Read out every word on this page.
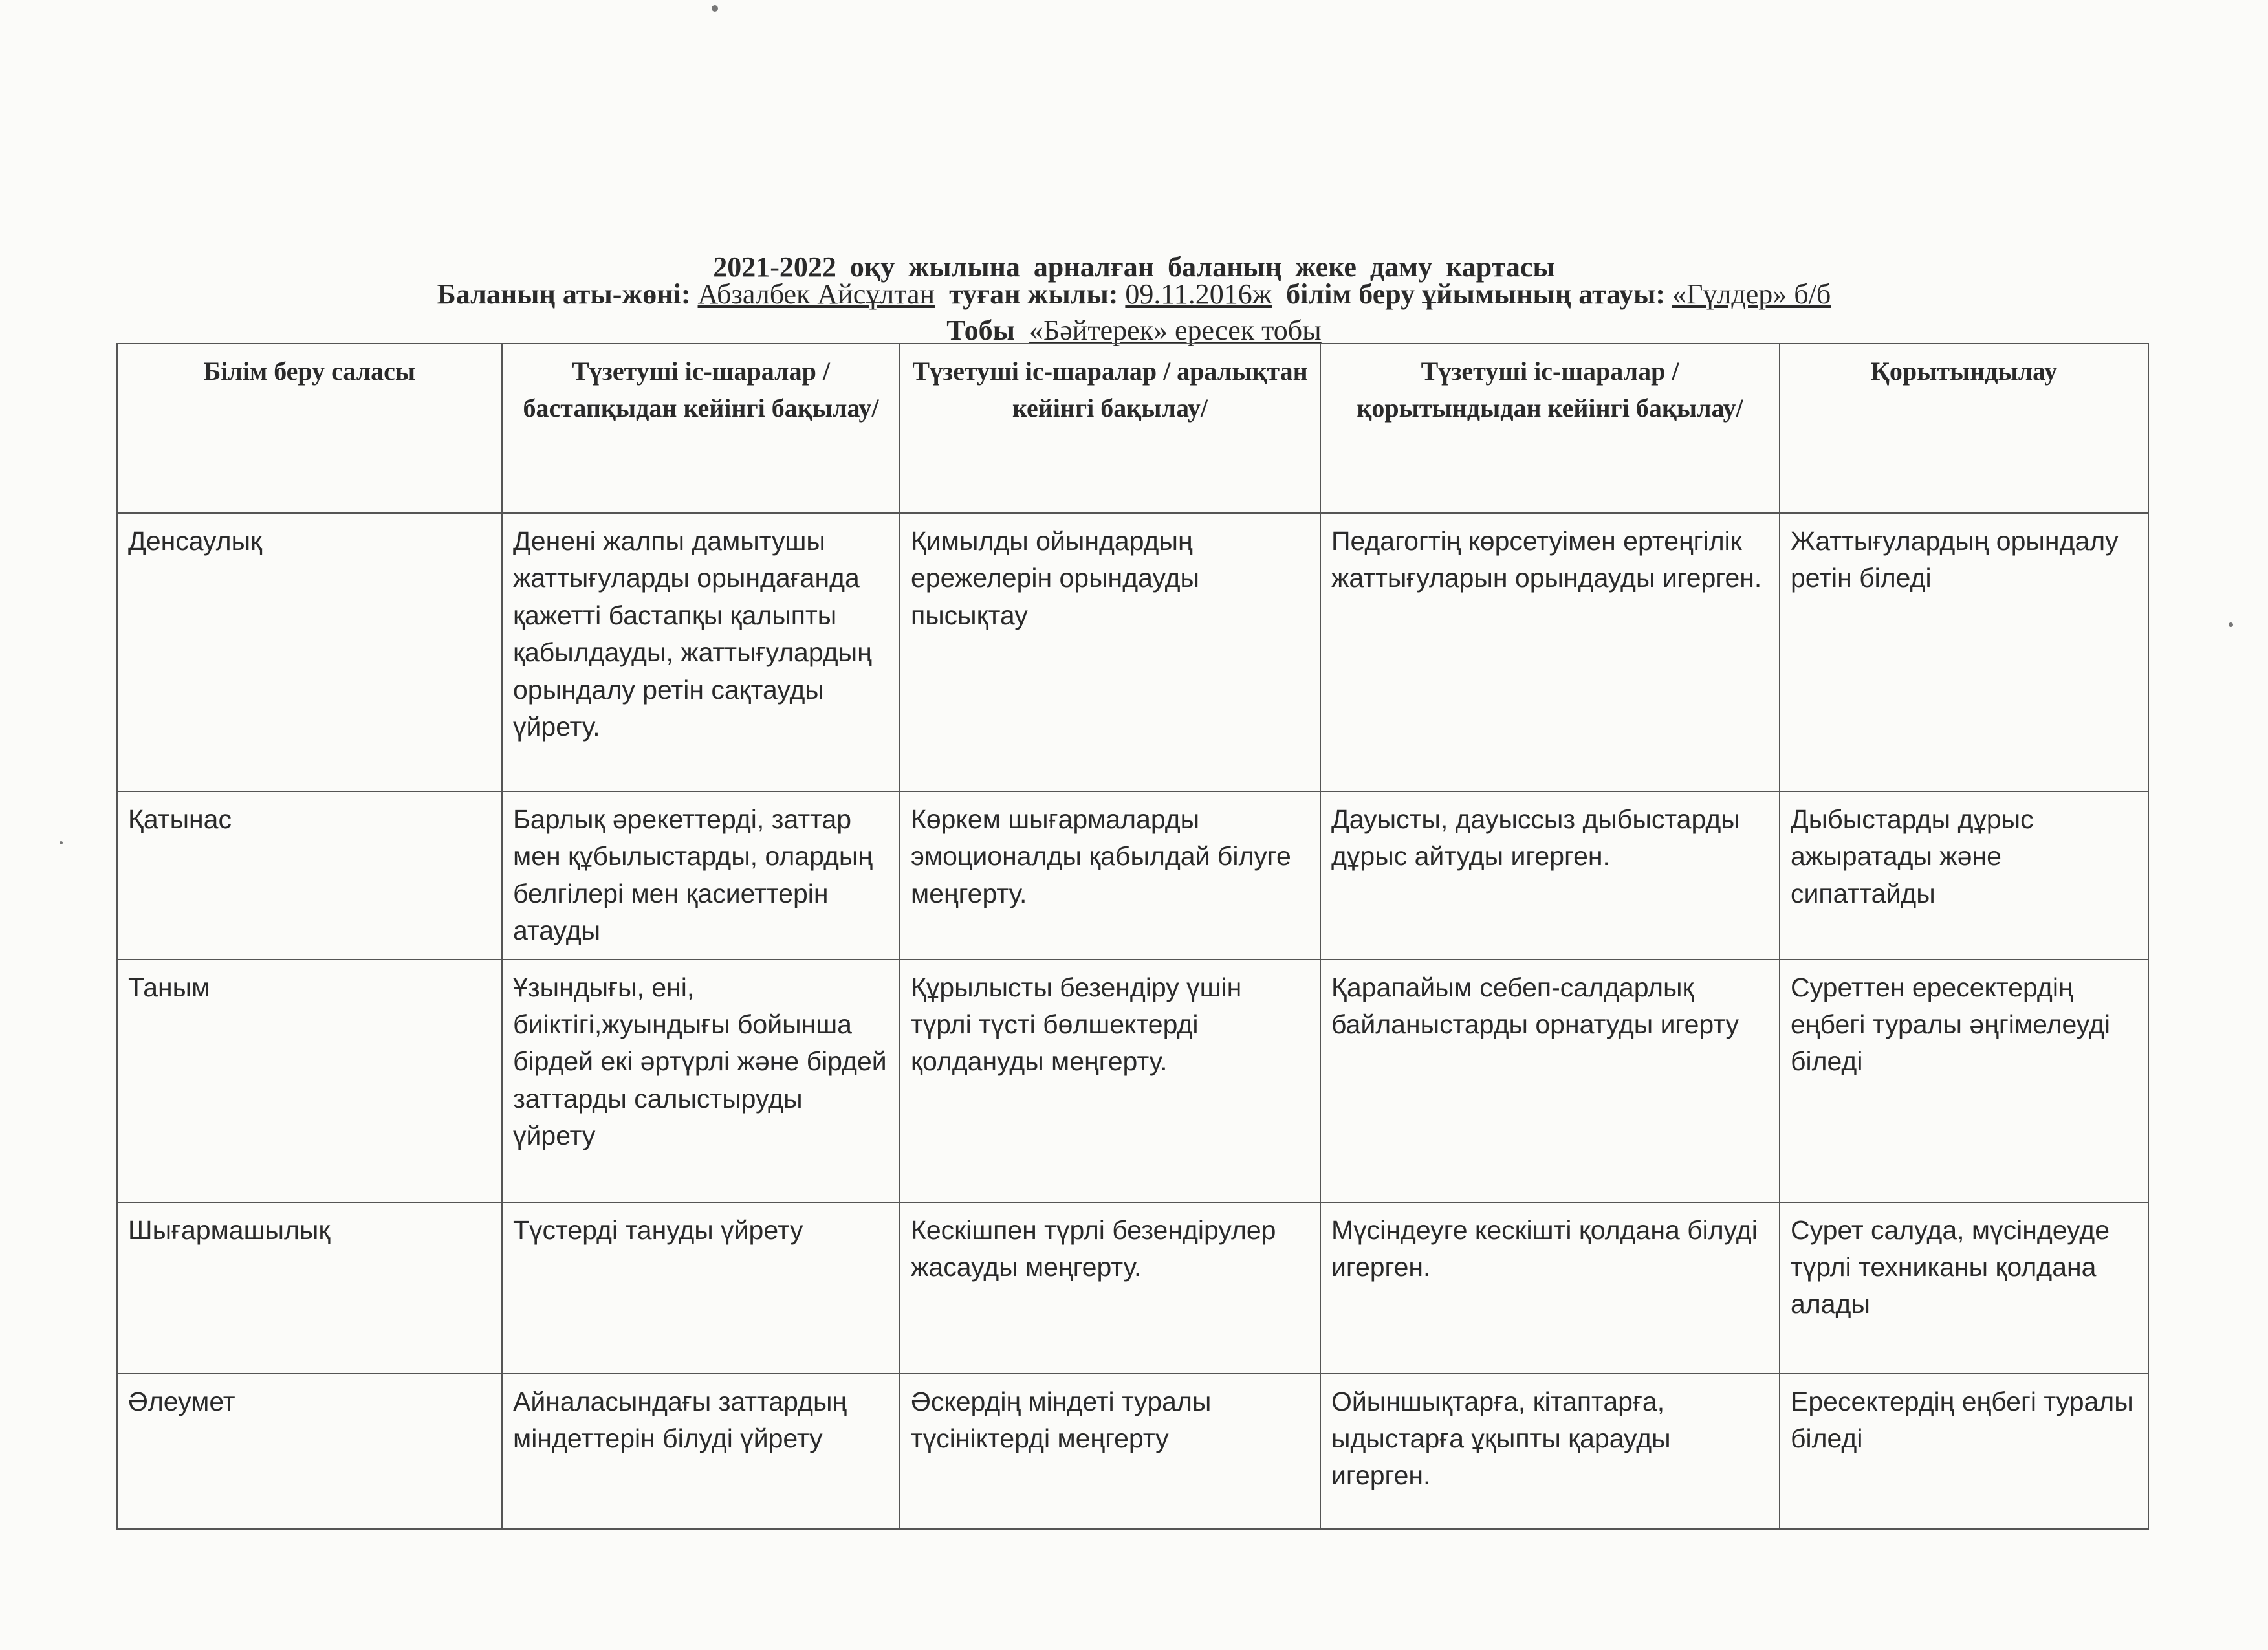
2021-2022 оқу жылына арналған баланың жеке даму картасы
Баланың аты-жөні: Абзалбек Айсұлтан туған жылы: 09.11.2016ж білім беру ұйымының атауы: «Гүлдер» б/б
Тобы «Бәйтерек» ересек тобы
Білім беру саласы	Түзетуші іс-шаралар /бастапқыдан кейінгі бақылау/	Түзетуші іс-шаралар / аралықтан кейінгі бақылау/	Түзетуші іс-шаралар / қорытындыдан кейінгі бақылау/	Қорытындылау
Денсаулық	Денені жалпы дамытушы жаттығуларды орындағанда қажетті бастапқы қалыпты қабылдауды, жаттығулардың орындалу ретін сақтауды үйрету.	Қимылды ойындардың ережелерін орындауды пысықтау	Педагогтің көрсетуімен ертеңгілік жаттығуларын орындауды игерген.	Жаттығулардың орындалу ретін біледі
Қатынас	Барлық әрекеттерді, заттар мен құбылыстарды, олардың белгілері мен қасиеттерін атауды	Көркем шығармаларды эмоционалды қабылдай білуге меңгерту.	Дауысты, дауыссыз дыбыстарды дұрыс айтуды игерген.	Дыбыстарды дұрыс ажыратады және сипаттайды
Таным	Ұзындығы, ені, биіктігі,жуындығы бойынша бірдей екі әртүрлі және бірдей заттарды салыстыруды үйрету	Құрылысты безендіру үшін түрлі түсті бөлшектерді қолдануды меңгерту.	Қарапайым себеп-салдарлық байланыстарды орнатуды игерту	Суреттен ересектердің еңбегі туралы әңгімелеуді біледі
Шығармашылық	Түстерді тануды үйрету	Кескішпен түрлі безендірулер жасауды меңгерту.	Мүсіндеуге кескішті қолдана білуді игерген.	Сурет салуда, мүсіндеуде түрлі техниканы қолдана алады
Әлеумет	Айналасындағы заттардың міндеттерін білуді үйрету	Әскердің міндеті туралы түсініктерді меңгерту	Ойыншықтарға, кітаптарға, ыдыстарға ұқыпты қарауды игерген.	Ересектердің еңбегі туралы біледі
